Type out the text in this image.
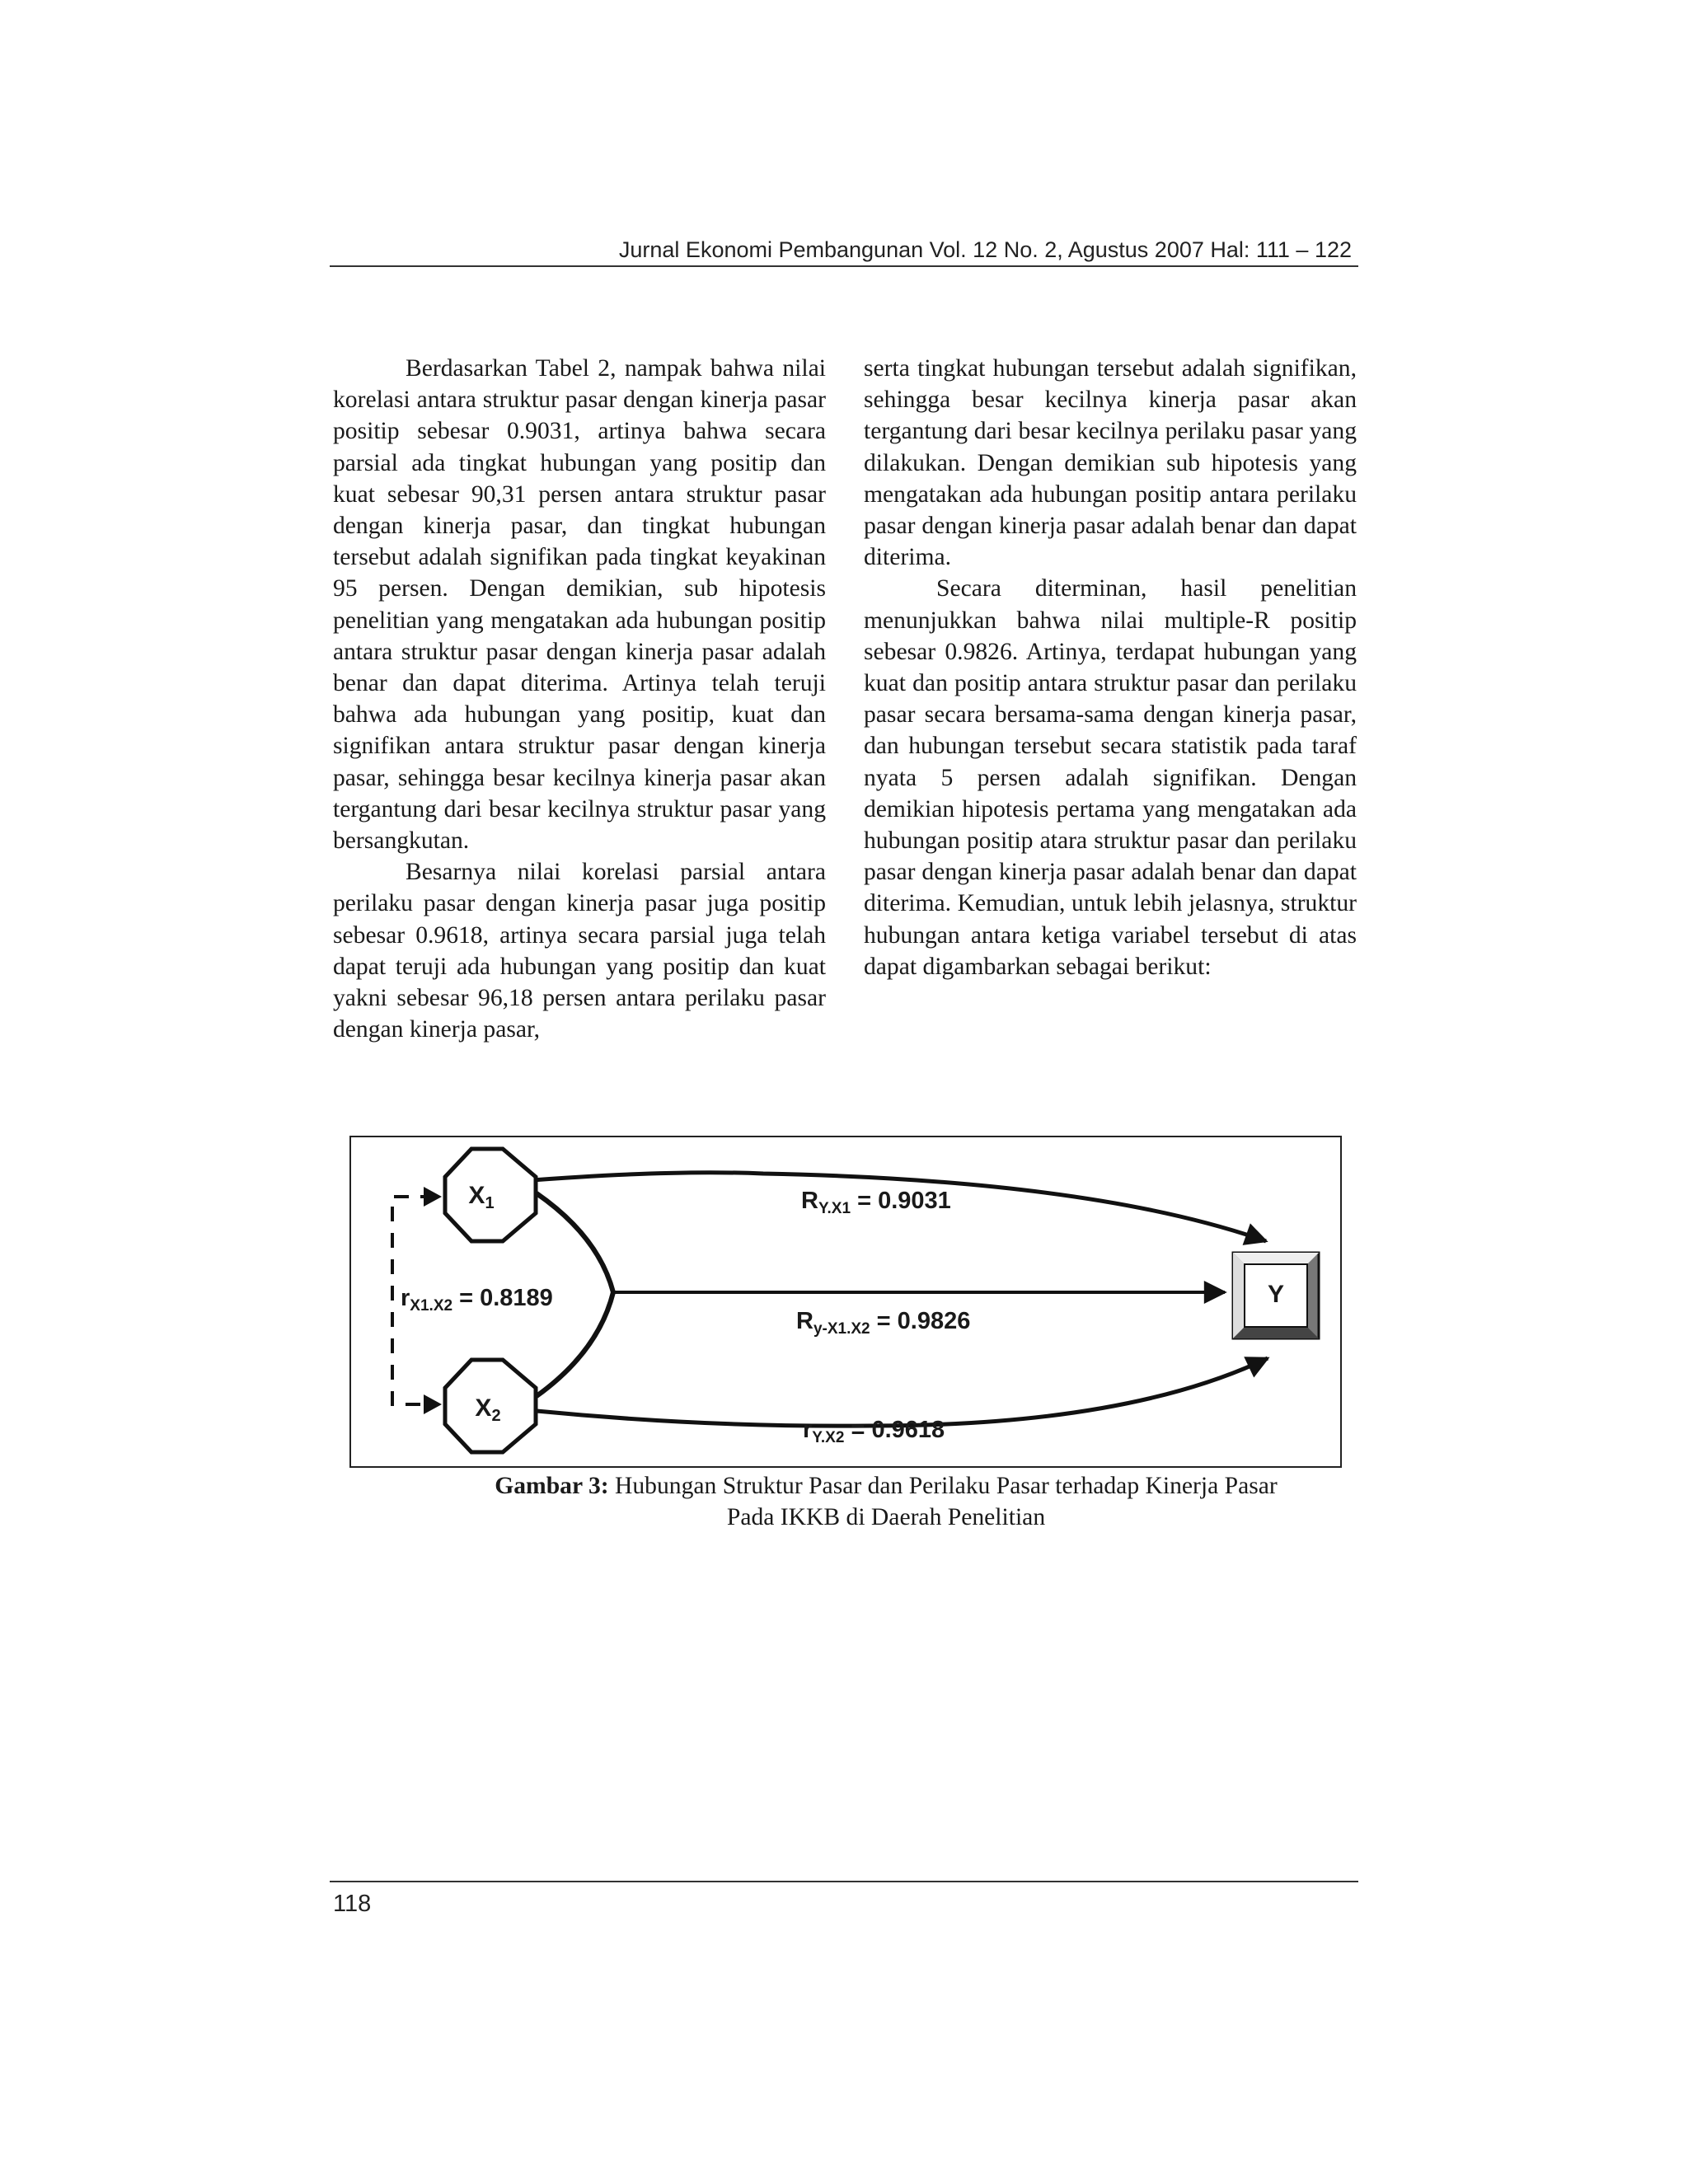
Jurnal Ekonomi Pembangunan Vol. 12 No. 2, Agustus 2007 Hal: 111 – 122

Berdasarkan Tabel 2, nampak bahwa nilai korelasi antara struktur pasar dengan kinerja pasar positip sebesar 0.9031, artinya bahwa secara parsial ada tingkat hubungan yang positip dan kuat sebesar 90,31 persen antara struktur pasar dengan kinerja pasar, dan tingkat hubungan tersebut adalah signifikan pada tingkat keyakinan 95 persen. Dengan demikian, sub hipotesis penelitian yang mengatakan ada hubungan positip antara struktur pasar dengan kinerja pasar adalah benar dan dapat diterima. Artinya telah teruji bahwa ada hubungan yang positip, kuat dan signifikan antara struktur pasar dengan kinerja pasar, sehingga besar kecilnya kinerja pasar akan tergantung dari besar kecilnya struktur pasar yang bersangkutan.

Besarnya nilai korelasi parsial antara perilaku pasar dengan kinerja pasar juga positip sebesar 0.9618, artinya secara parsial juga telah dapat teruji ada hubungan yang positip dan kuat yakni sebesar 96,18 persen antara perilaku pasar dengan kinerja pasar,

serta tingkat hubungan tersebut adalah signifikan, sehingga besar kecilnya kinerja pasar akan tergantung dari besar kecilnya perilaku pasar yang dilakukan. Dengan demikian sub hipotesis yang mengatakan ada hubungan positip antara perilaku pasar dengan kinerja pasar adalah benar dan dapat diterima.

Secara diterminan, hasil penelitian menunjukkan bahwa nilai multiple-R positip sebesar 0.9826. Artinya, terdapat hubungan yang kuat dan positip antara struktur pasar dan perilaku pasar secara bersama-sama dengan kinerja pasar, dan hubungan tersebut secara statistik pada taraf nyata 5 persen adalah signifikan. Dengan demikian hipotesis pertama yang mengatakan ada hubungan positip atara struktur pasar dan perilaku pasar dengan kinerja pasar adalah benar dan dapat diterima. Kemudian, untuk lebih jelasnya, struktur hubungan antara ketiga variabel tersebut di atas dapat digambarkan sebagai berikut:

$X_1$
$X_2$
Y
$R_{Y.X1} = 0.9031$
$R_{y-X1.X2} = 0.9826$
$r_{Y.X2} = 0.9618$
$r_{X1.X2} = 0.8189$
Gambar 3: Hubungan Struktur Pasar dan Perilaku Pasar terhadap Kinerja Pasar
Pada IKKB di Daerah Penelitian
118
